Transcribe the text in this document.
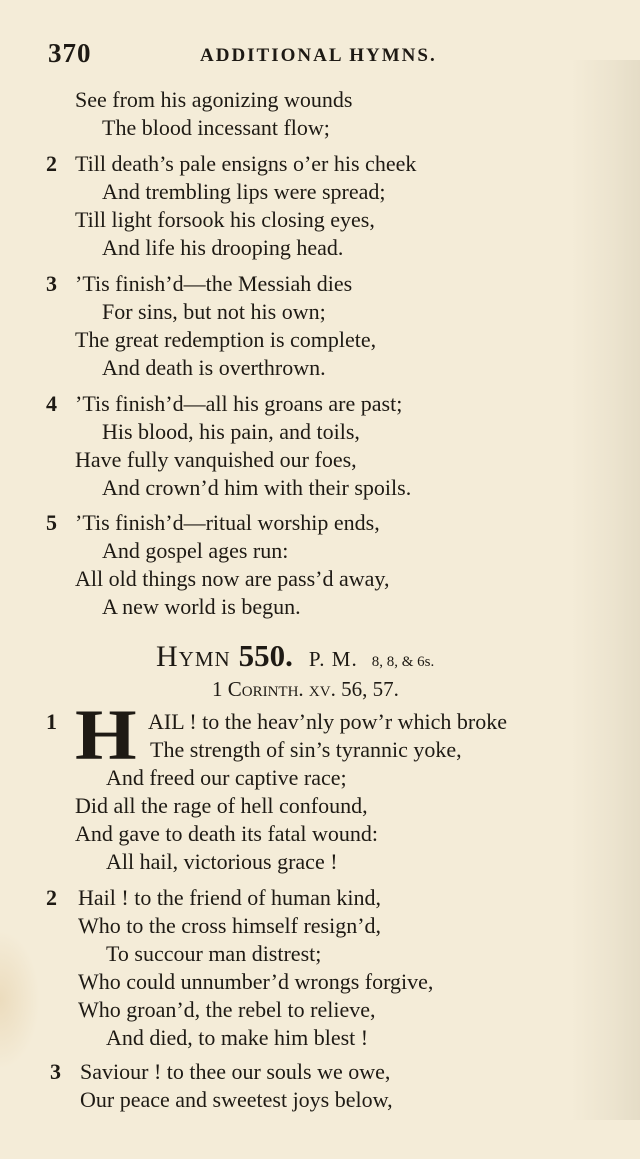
370	ADDITIONAL HYMNS.
See from his agonizing wounds
The blood incessant flow;
2 Till death’s pale ensigns o’er his cheek
And trembling lips were spread;
Till light forsook his closing eyes,
And life his drooping head.
3 ’Tis finish’d—the Messiah dies
For sins, but not his own;
The great redemption is complete,
And death is overthrown.
4 ’Tis finish’d—all his groans are past;
His blood, his pain, and toils,
Have fully vanquished our foes,
And crown’d him with their spoils.
5 ’Tis finish’d—ritual worship ends,
And gospel ages run:
All old things now are pass’d away,
A new world is begun.
Hymn 550. P. M. 8, 8, & 6s.
1 Corinth. xv. 56, 57.
1 H AIL ! to the heav’nly pow’r which broke
The strength of sin’s tyrannic yoke,
And freed our captive race;
Did all the rage of hell confound,
And gave to death its fatal wound:
All hail, victorious grace !
2 Hail ! to the friend of human kind,
Who to the cross himself resign’d,
To succour man distrest;
Who could unnumber’d wrongs forgive,
Who groan’d, the rebel to relieve,
And died, to make him blest !
3 Saviour ! to thee our souls we owe,
Our peace and sweetest joys below,
